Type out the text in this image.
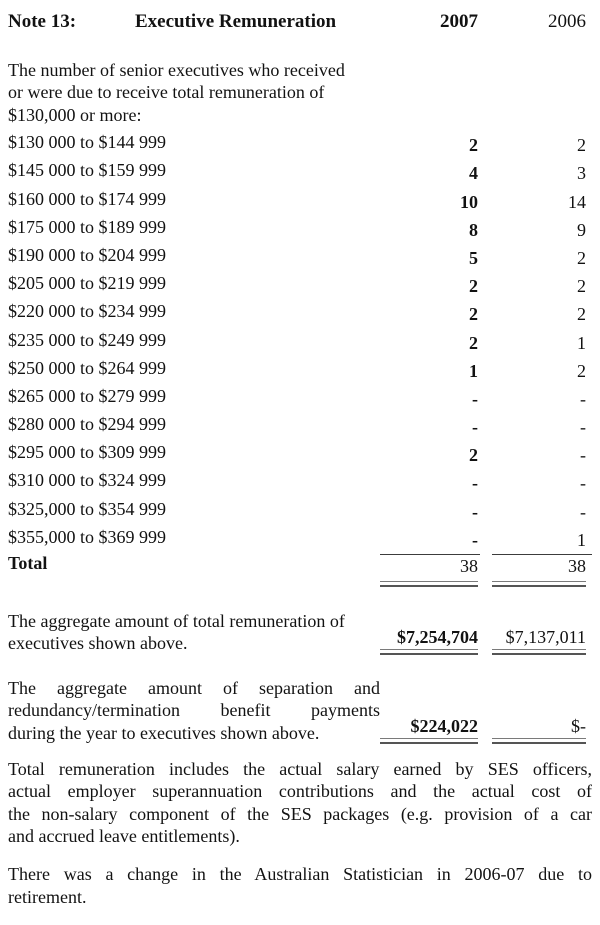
Note 13:	Executive Remuneration	2007	2006
The number of senior executives who received
or were due to receive total remuneration of
$130,000 or more:
$130 000 to $144 999	2	2
$145 000 to $159 999	4	3
$160 000 to $174 999	10	14
$175 000 to $189 999	8	9
$190 000 to $204 999	5	2
$205 000 to $219 999	2	2
$220 000 to $234 999	2	2
$235 000 to $249 999	2	1
$250 000 to $264 999	1	2
$265 000 to $279 999	-	-
$280 000 to $294 999	-	-
$295 000 to $309 999	2	-
$310 000 to $324 999	-	-
$325,000 to $354 999	-	-
$355,000 to $369 999	-	1
Total	38	38
The aggregate amount of total remuneration of
executives shown above.	$7,254,704	$7,137,011
The aggregate amount of separation and
redundancy/termination benefit payments
during the year to executives shown above.	$224,022	$-
Total remuneration includes the actual salary earned by SES officers,
actual employer superannuation contributions and the actual cost of
the non-salary component of the SES packages (e.g. provision of a car
and accrued leave entitlements).
There was a change in the Australian Statistician in 2006-07 due to
retirement.
